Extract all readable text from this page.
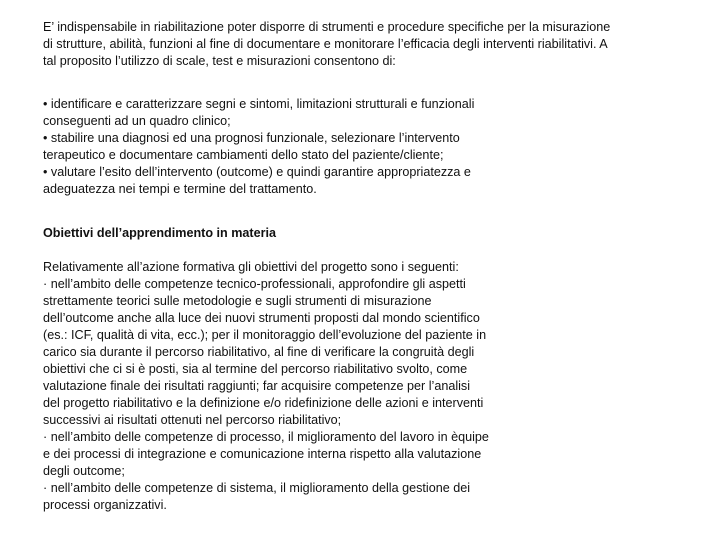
E’ indispensabile in riabilitazione poter disporre di strumenti e procedure specifiche per la misurazione
di strutture, abilità, funzioni al fine di documentare e monitorare l’efficacia degli interventi riabilitativi. A
tal proposito l’utilizzo di scale, test e misurazioni consentono di:
• identificare e caratterizzare segni e sintomi, limitazioni strutturali e funzionali
conseguenti ad un quadro clinico;
• stabilire una diagnosi ed una prognosi funzionale, selezionare l’intervento
terapeutico e documentare cambiamenti dello stato del paziente/cliente;
• valutare l’esito dell’intervento (outcome) e quindi garantire appropriatezza e
adeguatezza nei tempi e termine del trattamento.
Obiettivi dell’apprendimento in materia
Relativamente all’azione formativa gli obiettivi del progetto sono i seguenti:
· nell’ambito delle competenze tecnico-professionali, approfondire gli aspetti
strettamente teorici sulle metodologie e sugli strumenti di misurazione
dell’outcome anche alla luce dei nuovi strumenti proposti dal mondo scientifico
(es.: ICF, qualità di vita, ecc.); per il monitoraggio dell’evoluzione del paziente in
carico sia durante il percorso riabilitativo, al fine di verificare la congruità degli
obiettivi che ci si è posti, sia al termine del percorso riabilitativo svolto, come
valutazione finale dei risultati raggiunti; far acquisire competenze per l’analisi
del progetto riabilitativo e la definizione e/o ridefinizione delle azioni e interventi
successivi ai risultati ottenuti nel percorso riabilitativo;
· nell’ambito delle competenze di processo, il miglioramento del lavoro in èquipe
e dei processi di integrazione e comunicazione interna rispetto alla valutazione
degli outcome;
· nell’ambito delle competenze di sistema, il miglioramento della gestione dei
processi organizzativi.
